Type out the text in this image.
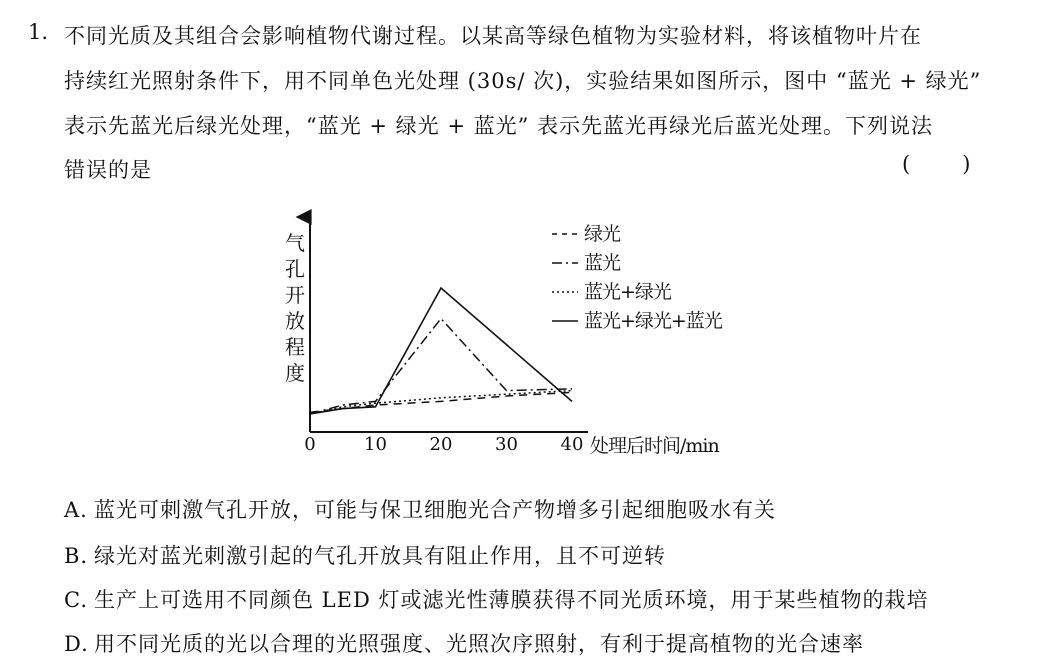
1. 不同光质及其组合会影响植物代谢过程。以某高等绿色植物为实验材料，将该植物叶片在
持续红光照射条件下，用不同单色光处理 (30s/ 次)，实验结果如图所示，图中 “蓝光 + 绿光”
表示先蓝光后绿光处理，“蓝光 + 绿光 + 蓝光” 表示先蓝光再绿光后蓝光处理。下列说法
错误的是	( )
气
孔
开
放
程
度
0	10 20 30 40 处理后时间/min
绿光
蓝光
蓝光+绿光
蓝光+绿光+蓝光
A. 蓝光可刺激气孔开放，可能与保卫细胞光合产物增多引起细胞吸水有关
B. 绿光对蓝光刺激引起的气孔开放具有阻止作用，且不可逆转
C. 生产上可选用不同颜色 LED 灯或滤光性薄膜获得不同光质环境，用于某些植物的栽培
D. 用不同光质的光以合理的光照强度、光照次序照射，有利于提高植物的光合速率
